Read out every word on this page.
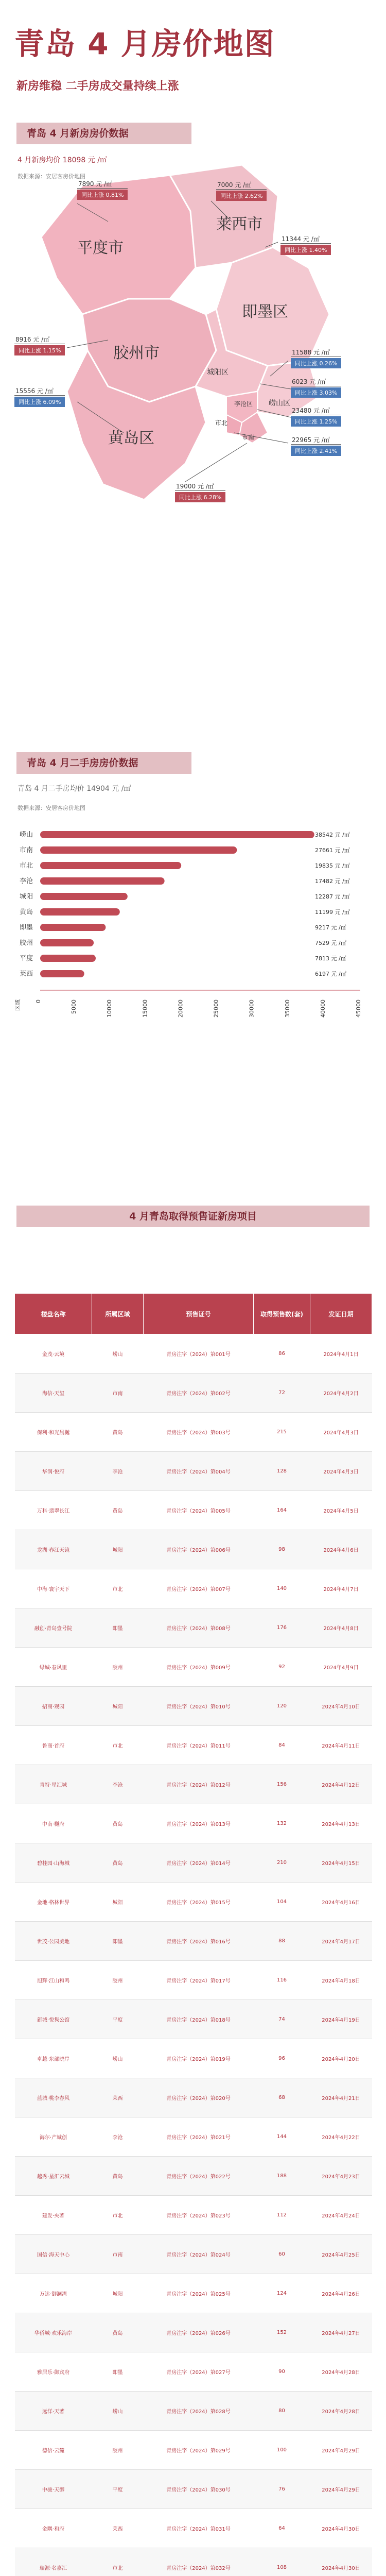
青岛 4 月房价地图
新房维稳 二手房成交量持续上涨
青岛 4 月新房房价数据
4 月新房均价 18098 元 /㎡
数据来源：安居客房价地图
平度市
莱西市
即墨区
胶州市
黄岛区
城阳区
崂山区
李沧区
市北
市南
7890 元 /㎡
同比上涨 0.81%
7000 元 /㎡
同比上涨 2.62%
11344 元 /㎡
同比上涨 1.40%
8916 元 /㎡
同比上涨 1.15%
15556 元 /㎡
同比上涨 6.09%
19000 元 /㎡
同比上涨 6.28%
11588 元 /㎡
同比上涨 0.26%
6023 元 /㎡
同比上涨 3.03%
23480 元 /㎡
同比上涨 1.25%
22965 元 /㎡
同比上涨 2.41%
青岛 4 月二手房房价数据
青岛 4 月二手房均价 14904 元 /㎡
数据来源：安居客房价地图
崂山	38542 元 /㎡
市南	27661 元 /㎡
市北	19835 元 /㎡
李沧	17482 元 /㎡
城阳	12287 元 /㎡
黄岛	11199 元 /㎡
即墨	9217 元 /㎡
胶州	7529 元 /㎡
平度	7813 元 /㎡
莱西	6197 元 /㎡
区域 0	5000	10000	15000	20000	25000	30000	35000	40000	45000
4 月青岛取得预售证新房项目
楼盘名称	所属区域	预售证号	取得预售数(套)	发证日期
金茂·云境	崂山	青房注字（2024）第001号	86	2024年4月1日
海信·天玺	市南	青房注字（2024）第002号	72	2024年4月2日
保利·和光晨樾	黄岛	青房注字（2024）第003号	215	2024年4月3日
华润·悦府	李沧	青房注字（2024）第004号	128	2024年4月3日
万科·翡翠长江	黄岛	青房注字（2024）第005号	164	2024年4月5日
龙湖·春江天镜	城阳	青房注字（2024）第006号	98	2024年4月6日
中海·寰宇天下	市北	青房注字（2024）第007号	140	2024年4月7日
融创·青岛壹号院	即墨	青房注字（2024）第008号	176	2024年4月8日
绿城·春风里	胶州	青房注字（2024）第009号	92	2024年4月9日
招商·观园	城阳	青房注字（2024）第010号	120	2024年4月10日
鲁商·首府	市北	青房注字（2024）第011号	84	2024年4月11日
青特·星汇城	李沧	青房注字（2024）第012号	156	2024年4月12日
中南·樾府	黄岛	青房注字（2024）第013号	132	2024年4月13日
碧桂园·山海城	黄岛	青房注字（2024）第014号	210	2024年4月15日
金地·格林世界	城阳	青房注字（2024）第015号	104	2024年4月16日
世茂·公园美地	即墨	青房注字（2024）第016号	88	2024年4月17日
旭辉·江山和鸣	胶州	青房注字（2024）第017号	116	2024年4月18日
新城·悦隽公馆	平度	青房注字（2024）第018号	74	2024年4月19日
卓越·东部晓岸	崂山	青房注字（2024）第019号	96	2024年4月20日
蓝城·桃李春风	莱西	青房注字（2024）第020号	68	2024年4月21日
海尔·产城创	李沧	青房注字（2024）第021号	144	2024年4月22日
越秀·星汇云城	黄岛	青房注字（2024）第022号	188	2024年4月23日
建发·央著	市北	青房注字（2024）第023号	112	2024年4月24日
国信·海天中心	市南	青房注字（2024）第024号	60	2024年4月25日
万达·御澜湾	城阳	青房注字（2024）第025号	124	2024年4月26日
华侨城·欢乐海岸	黄岛	青房注字（2024）第026号	152	2024年4月27日
雅居乐·御宾府	即墨	青房注字（2024）第027号	90	2024年4月28日
远洋·天著	崂山	青房注字（2024）第028号	80	2024年4月28日
德信·云麓	胶州	青房注字（2024）第029号	100	2024年4月29日
中骏·天御	平度	青房注字（2024）第030号	76	2024年4月29日
金隅·和府	莱西	青房注字（2024）第031号	64	2024年4月30日
瑞源·名嘉汇	市北	青房注字（2024）第032号	108	2024年4月30日
